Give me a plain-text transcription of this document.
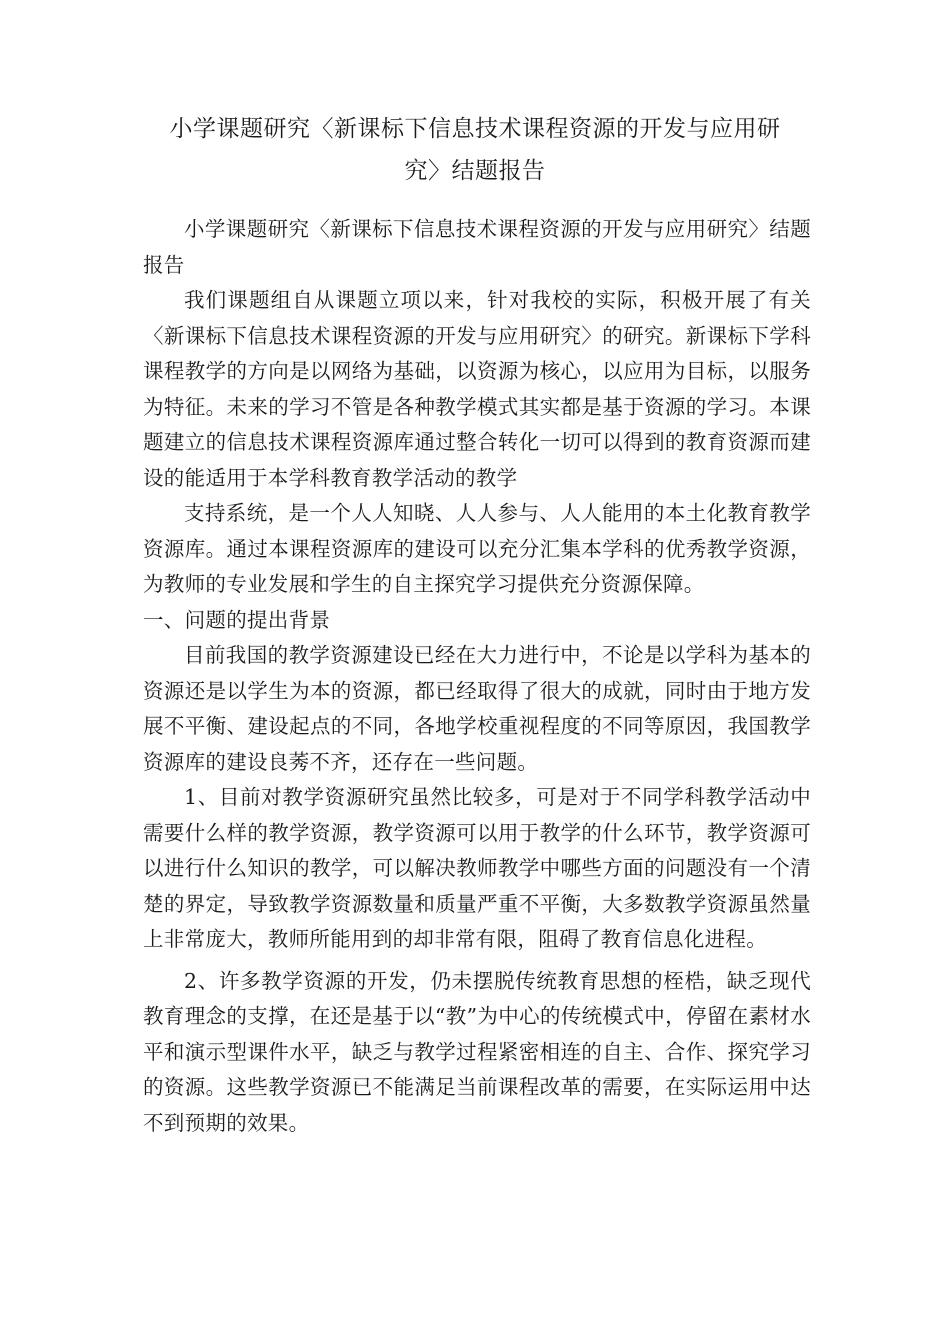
小学课题研究〈新课标下信息技术课程资源的开发与应用研
究〉结题报告

小学课题研究〈新课标下信息技术课程资源的开发与应用研究〉结题报告

我们课题组自从课题立项以来，针对我校的实际，积极开展了有关〈新课标下信息技术课程资源的开发与应用研究〉的研究。新课标下学科课程教学的方向是以网络为基础，以资源为核心，以应用为目标，以服务为特征。未来的学习不管是各种教学模式其实都是基于资源的学习。本课题建立的信息技术课程资源库通过整合转化一切可以得到的教育资源而建设的能适用于本学科教育教学活动的教学

支持系统，是一个人人知晓、人人参与、人人能用的本土化教育教学资源库。通过本课程资源库的建设可以充分汇集本学科的优秀教学资源，为教师的专业发展和学生的自主探究学习提供充分资源保障。

一、问题的提出背景

目前我国的教学资源建设已经在大力进行中，不论是以学科为基本的资源还是以学生为本的资源，都已经取得了很大的成就，同时由于地方发展不平衡、建设起点的不同，各地学校重视程度的不同等原因，我国教学资源库的建设良莠不齐，还存在一些问题。

1、目前对教学资源研究虽然比较多，可是对于不同学科教学活动中需要什么样的教学资源，教学资源可以用于教学的什么环节，教学资源可以进行什么知识的教学，可以解决教师教学中哪些方面的问题没有一个清楚的界定，导致教学资源数量和质量严重不平衡，大多数教学资源虽然量上非常庞大，教师所能用到的却非常有限，阻碍了教育信息化进程。

2、许多教学资源的开发，仍未摆脱传统教育思想的桎梏，缺乏现代教育理念的支撑，在还是基于以“教”为中心的传统模式中，停留在素材水平和演示型课件水平，缺乏与教学过程紧密相连的自主、合作、探究学习的资源。这些教学资源已不能满足当前课程改革的需要，在实际运用中达不到预期的效果。
